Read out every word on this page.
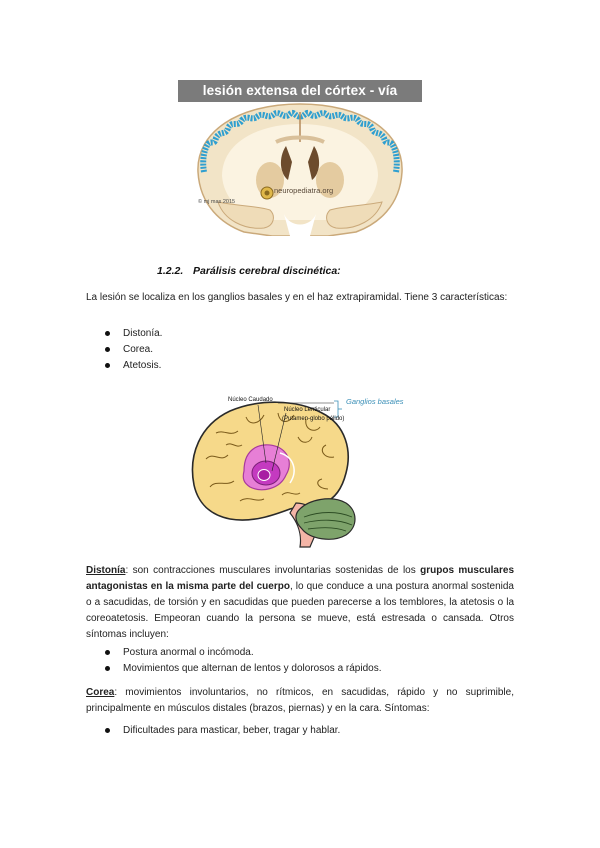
lesión extensa del córtex - vía
neuropediatra.org
© mj mas 2015
1.2.2. Parálisis cerebral discinética:

La lesión se localiza en los ganglios basales y en el haz extrapiramidal. Tiene 3 características:

Distonía.
Corea.
Atetosis.
Núcleo Caudado
Núcleo Lenticular
(Putamen-globo pálido)
Ganglios basales

Distonía: son contracciones musculares involuntarias sostenidas de los grupos musculares antagonistas en la misma parte del cuerpo, lo que conduce a una postura anormal sostenida o a sacudidas, de torsión y en sacudidas que pueden parecerse a los temblores, la atetosis o la coreoatetosis. Empeoran cuando la persona se mueve, está estresada o cansada. Otros síntomas incluyen:

Postura anormal o incómoda.
Movimientos que alternan de lentos y dolorosos a rápidos.

Corea: movimientos involuntarios, no rítmicos, en sacudidas, rápido y no suprimible, principalmente en músculos distales (brazos, piernas) y en la cara. Síntomas:

Dificultades para masticar, beber, tragar y hablar.
